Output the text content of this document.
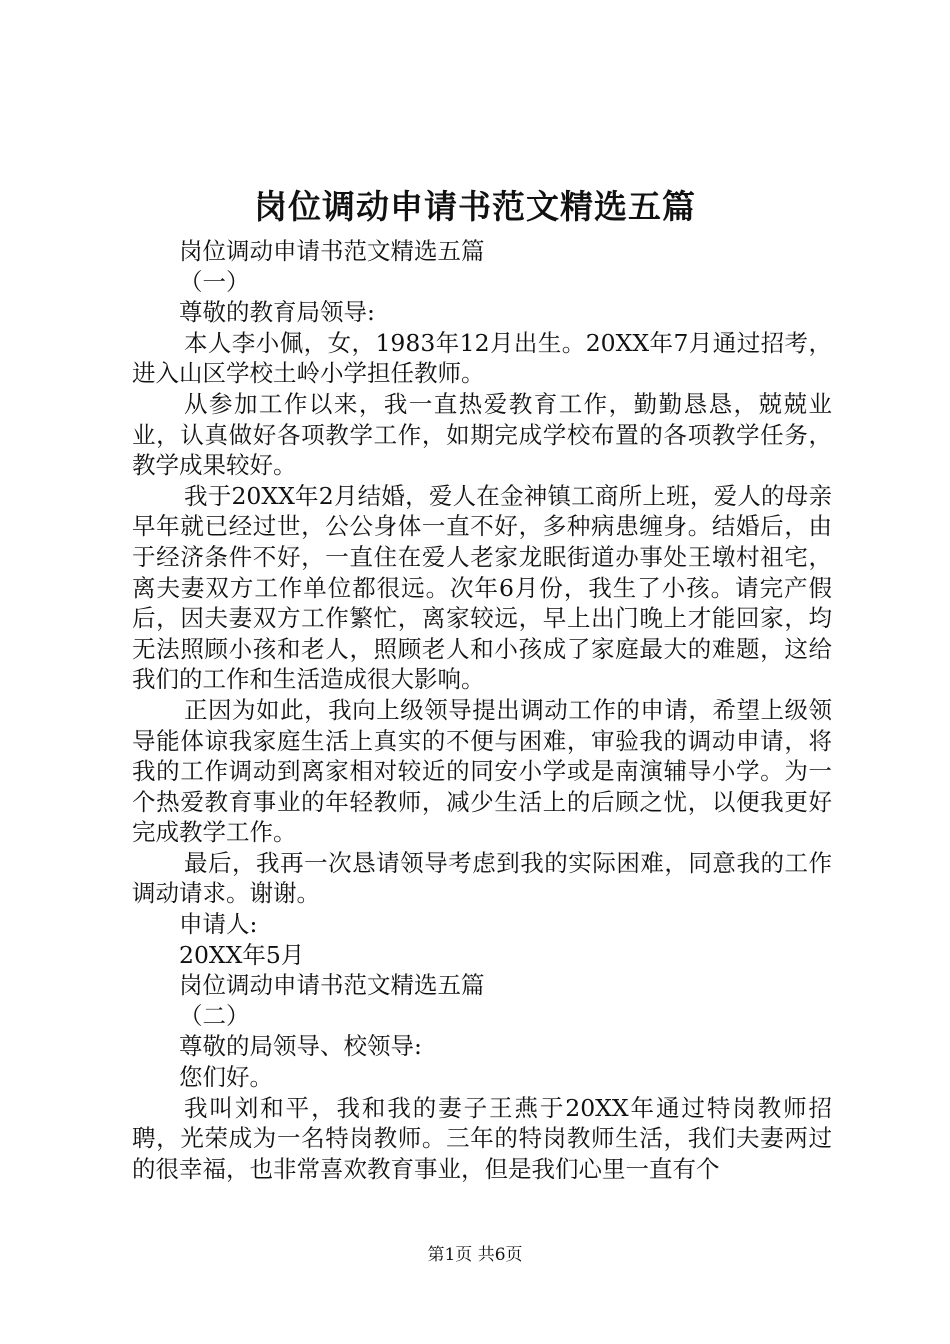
岗位调动申请书范文精选五篇

岗位调动申请书范文精选五篇

（一）

尊敬的教育局领导:

本人李小佩，女，1983年12月出生。20XX年7月通过招考，进入山区学校土岭小学担任教师。

从参加工作以来，我一直热爱教育工作，勤勤恳恳，兢兢业业，认真做好各项教学工作，如期完成学校布置的各项教学任务，教学成果较好。

我于20XX年2月结婚，爱人在金神镇工商所上班，爱人的母亲早年就已经过世，公公身体一直不好，多种病患缠身。结婚后，由于经济条件不好，一直住在爱人老家龙眠街道办事处王墩村祖宅，离夫妻双方工作单位都很远。次年6月份，我生了小孩。请完产假后，因夫妻双方工作繁忙，离家较远，早上出门晚上才能回家，均无法照顾小孩和老人，照顾老人和小孩成了家庭最大的难题，这给我们的工作和生活造成很大影响。

正因为如此，我向上级领导提出调动工作的申请，希望上级领导能体谅我家庭生活上真实的不便与困难，审验我的调动申请，将我的工作调动到离家相对较近的同安小学或是南演辅导小学。为一个热爱教育事业的年轻教师，减少生活上的后顾之忧，以便我更好完成教学工作。

最后，我再一次恳请领导考虑到我的实际困难，同意我的工作调动请求。谢谢。

申请人:

20XX年5月

岗位调动申请书范文精选五篇

（二）

尊敬的局领导、校领导:

您们好。

我叫刘和平，我和我的妻子王燕于20XX年通过特岗教师招聘，光荣成为一名特岗教师。三年的特岗教师生活，我们夫妻两过的很幸福，也非常喜欢教育事业，但是我们心里一直有个

第1页 共6页
